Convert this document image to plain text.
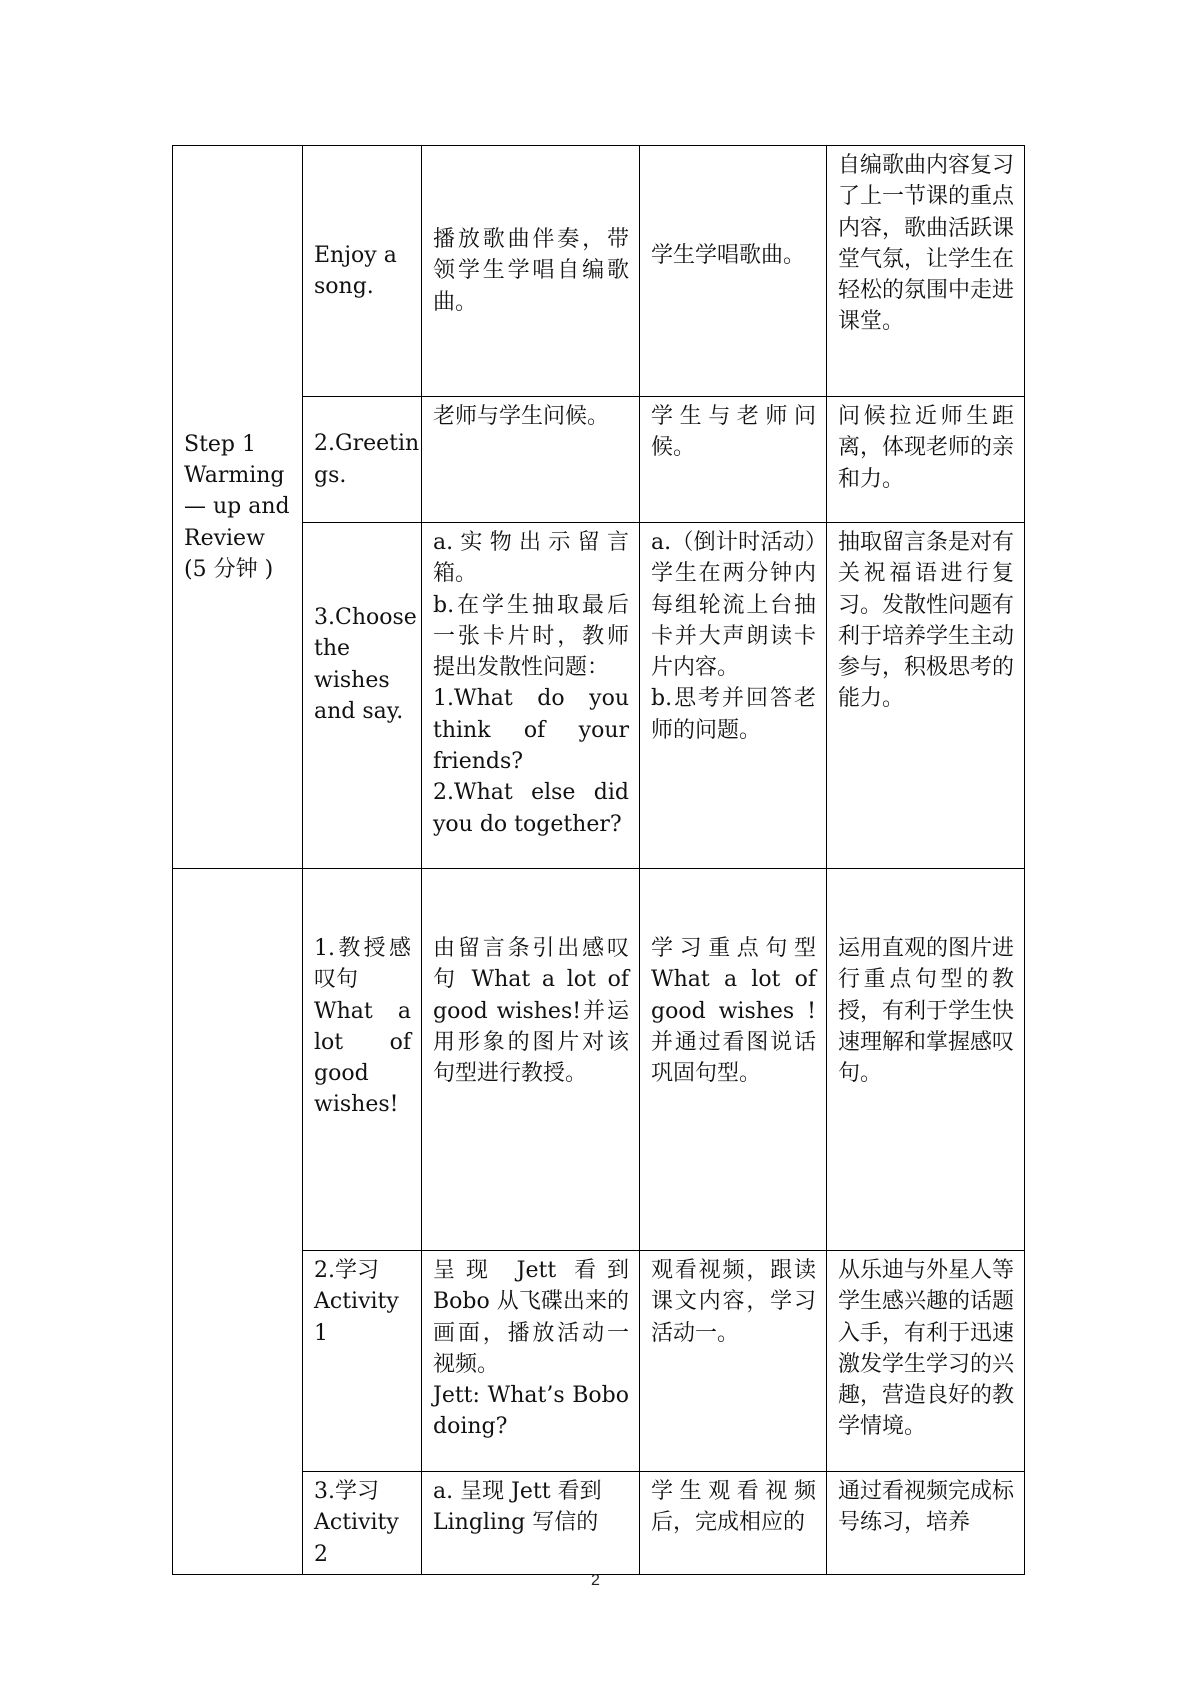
Step 1
Warming
— up and
Review
(5 分钟 )	Enjoy a
song.	播放歌曲伴奏，带领学生学唱自编歌曲。	学生学唱歌曲。	自编歌曲内容复习了上一节课的重点内容，歌曲活跃课堂气氛，让学生在轻松的氛围中走进课堂。

	2.Greetin
gs.	老师与学生问候。	学生与老师问候。	问候拉近师生距离，体现老师的亲和力。

	3.Choose
the
wishes
and say.	a.实物出示留言箱。
b.在学生抽取最后一张卡片时，教师提出发散性问题：
1.What do you think of your friends?
2.What else did you do together?	a.（倒计时活动）学生在两分钟内每组轮流上台抽卡并大声朗读卡片内容。
b.思考并回答老师的问题。	抽取留言条是对有关祝福语进行复习。发散性问题有利于培养学生主动参与，积极思考的能力。

	1.教授感叹句
What a lot of good wishes!	由留言条引出感叹句 What a lot of good wishes!并运用形象的图片对该句型进行教授。	学习重点句型 What a lot of good wishes !并通过看图说话巩固句型。	运用直观的图片进行重点句型的教授，有利于学生快速理解和掌握感叹句。

	2.学习
Activity 1	呈现 Jett 看到 Bobo 从飞碟出来的画面，播放活动一视频。
Jett: What’s Bobo doing?	观看视频，跟读课文内容，学习活动一。	从乐迪与外星人等学生感兴趣的话题入手，有利于迅速激发学生学习的兴趣，营造良好的教学情境。

	3.学习
Activity 2	a. 呈现 Jett 看到
Lingling 写信的	学生观看视频后，完成相应的	通过看视频完成标号练习，培养
2
